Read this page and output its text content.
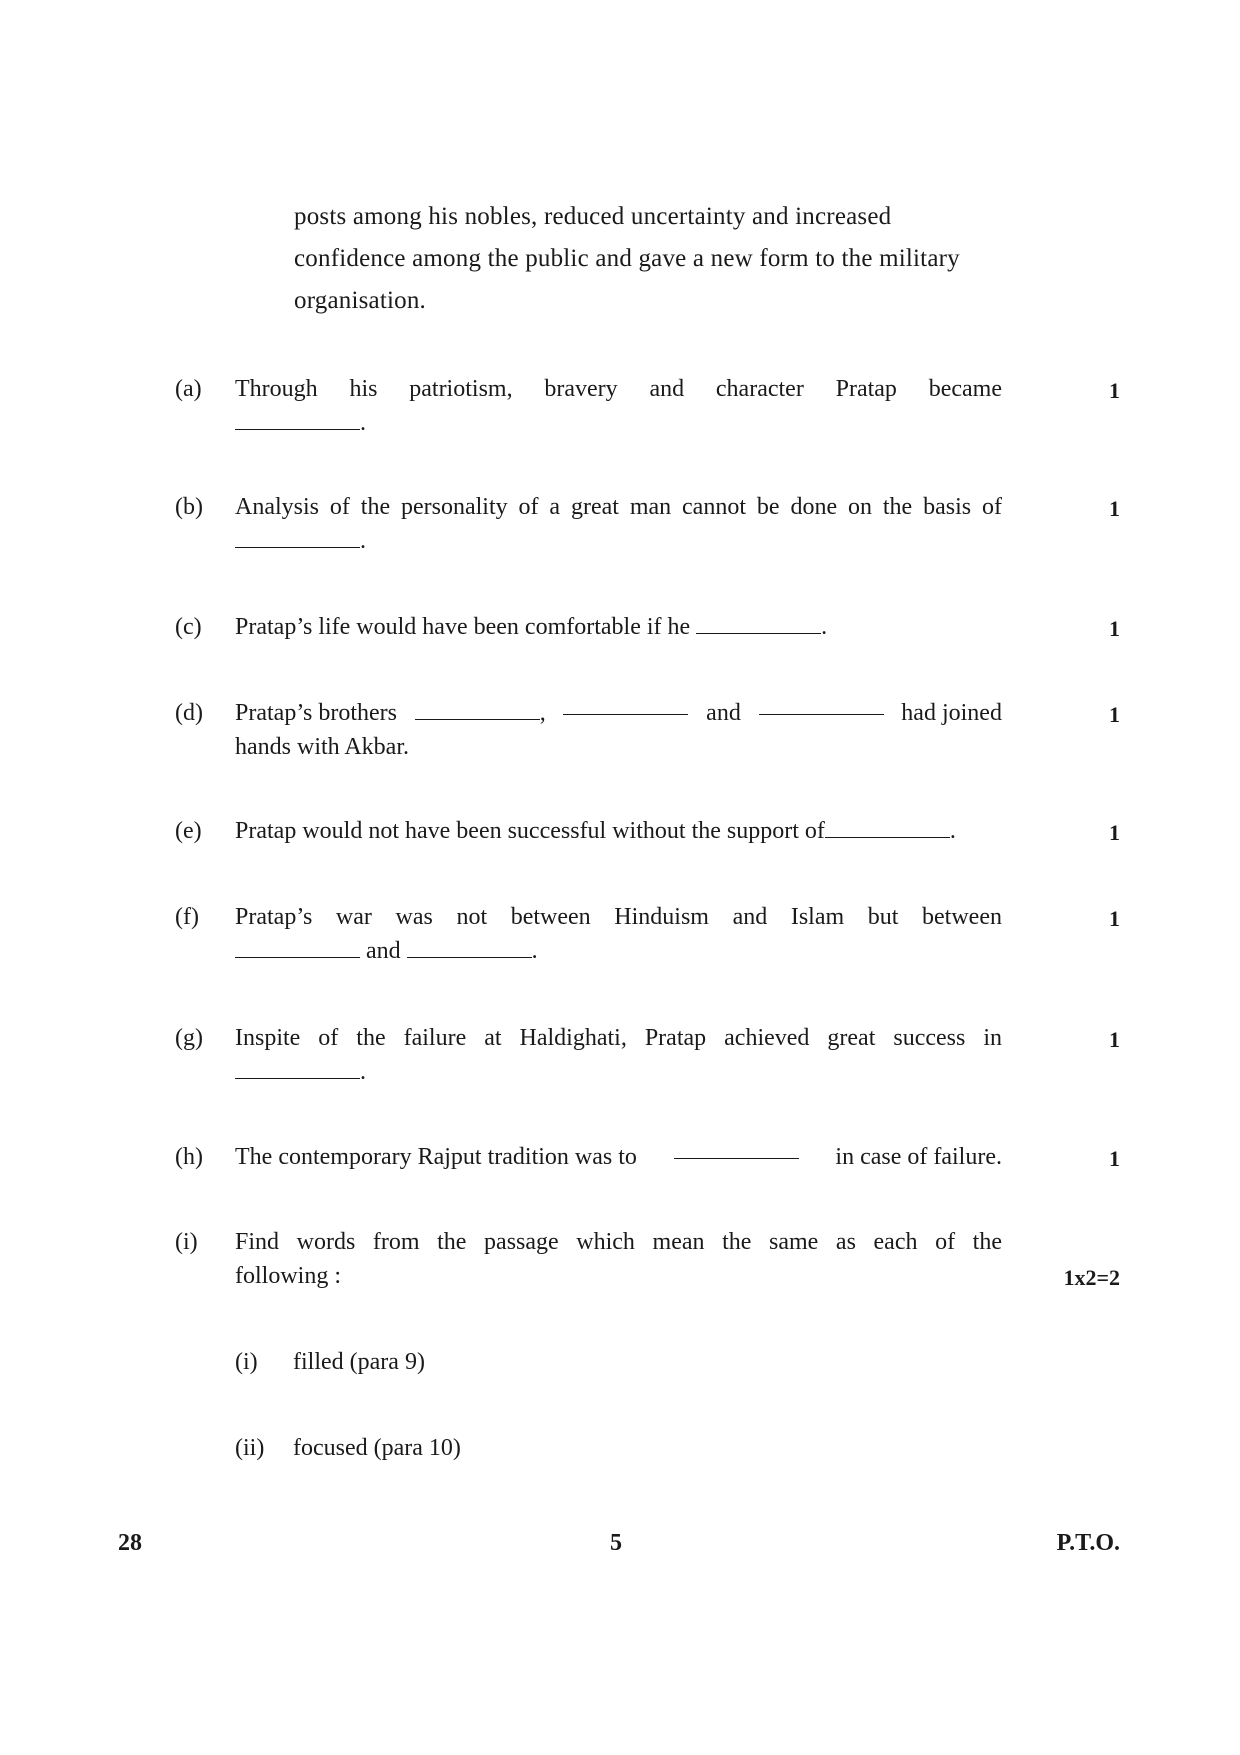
posts among his nobles, reduced uncertainty and increased
confidence among the public and gave a new form to the military
organisation.
(a)	Through his patriotism, bravery and character Pratap became
.
1
(b)	Analysis of the personality of a great man cannot be done on the basis of
.
1
(c)	Pratap’s life would have been comfortable if he	.	1
(d)	Pratap’s brothers	,	and	had joined
hands with Akbar.
1
(e)	Pratap would not have been successful without the support of	.	1
(f)	Pratap’s war was not between Hinduism and Islam but between
and	.
1
(g)	Inspite of the failure at Haldighati, Pratap achieved great success in
.
1
(h)	The contemporary Rajput tradition was to	in case of failure.	1
(i)	Find words from the passage which mean the same as each of the
following :	1x2=2
(i) filled (para 9)
(ii) focused (para 10)
28	5	P.T.O.
